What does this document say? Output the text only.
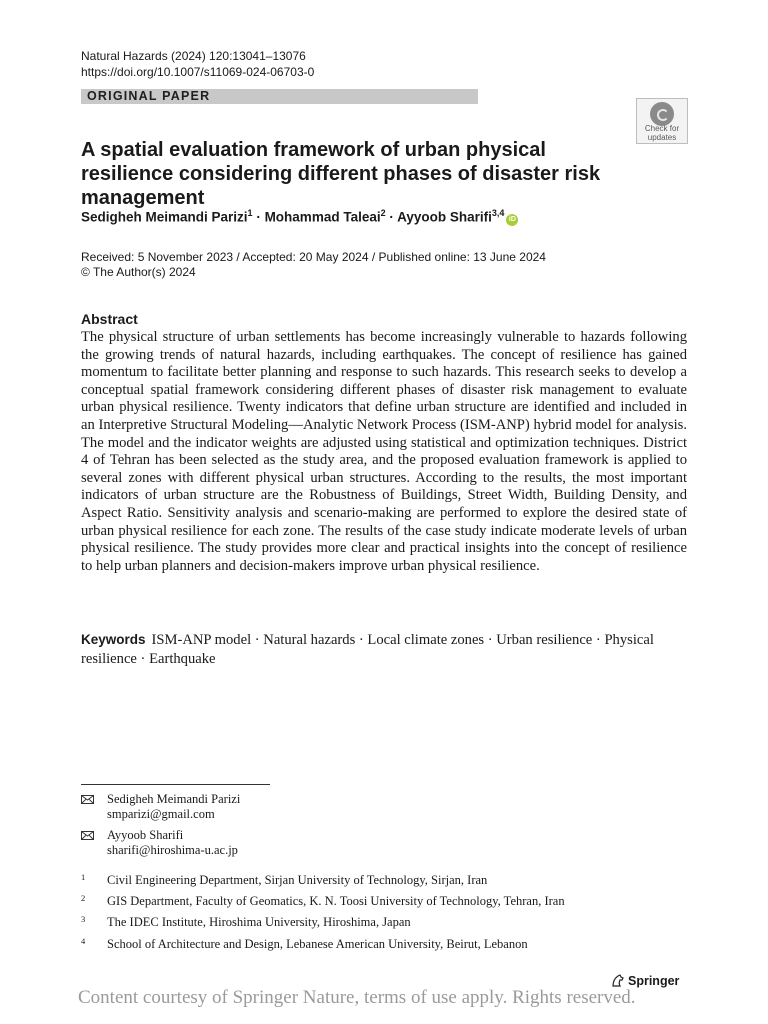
Natural Hazards (2024) 120:13041–13076
https://doi.org/10.1007/s11069-024-06703-0
ORIGINAL PAPER
Check for
updates
A spatial evaluation framework of urban physical resilience considering different phases of disaster risk management
Sedigheh Meimandi Parizi$^1$ · Mohammad Taleai$^2$ · Ayyoob Sharifi$^{3,4}$iD
Received: 5 November 2023 / Accepted: 20 May 2024 / Published online: 13 June 2024
© The Author(s) 2024
Abstract
The physical structure of urban settlements has become increasingly vulnerable to hazards following the growing trends of natural hazards, including earthquakes. The concept of resilience has gained momentum to facilitate better planning and response to such hazards. This research seeks to develop a conceptual spatial framework considering different phases of disaster risk management to evaluate urban physical resilience. Twenty indicators that define urban structure are identified and included in an Interpretive Structural Modeling—Analytic Network Process (ISM-ANP) hybrid model for analysis. The model and the indicator weights are adjusted using statistical and optimization techniques. District 4 of Tehran has been selected as the study area, and the proposed evaluation framework is applied to several zones with different physical urban structures. According to the results, the most important indicators of urban structure are the Robustness of Buildings, Street Width, Building Density, and Aspect Ratio. Sensitivity analysis and scenario-making are performed to explore the desired state of urban physical resilience for each zone. The results of the case study indicate moderate levels of urban physical resilience. The study provides more clear and practical insights into the concept of resilience to help urban planners and decision-makers improve urban physical resilience.
Keywords ISM-ANP model · Natural hazards · Local climate zones · Urban resilience · Physical resilience · Earthquake
Sedigheh Meimandi Parizi
smparizi@gmail.com
Ayyoob Sharifi
sharifi@hiroshima-u.ac.jp
1 Civil Engineering Department, Sirjan University of Technology, Sirjan, Iran
2 GIS Department, Faculty of Geomatics, K. N. Toosi University of Technology, Tehran, Iran
3 The IDEC Institute, Hiroshima University, Hiroshima, Japan
4 School of Architecture and Design, Lebanese American University, Beirut, Lebanon
Springer
Content courtesy of Springer Nature, terms of use apply. Rights reserved.
